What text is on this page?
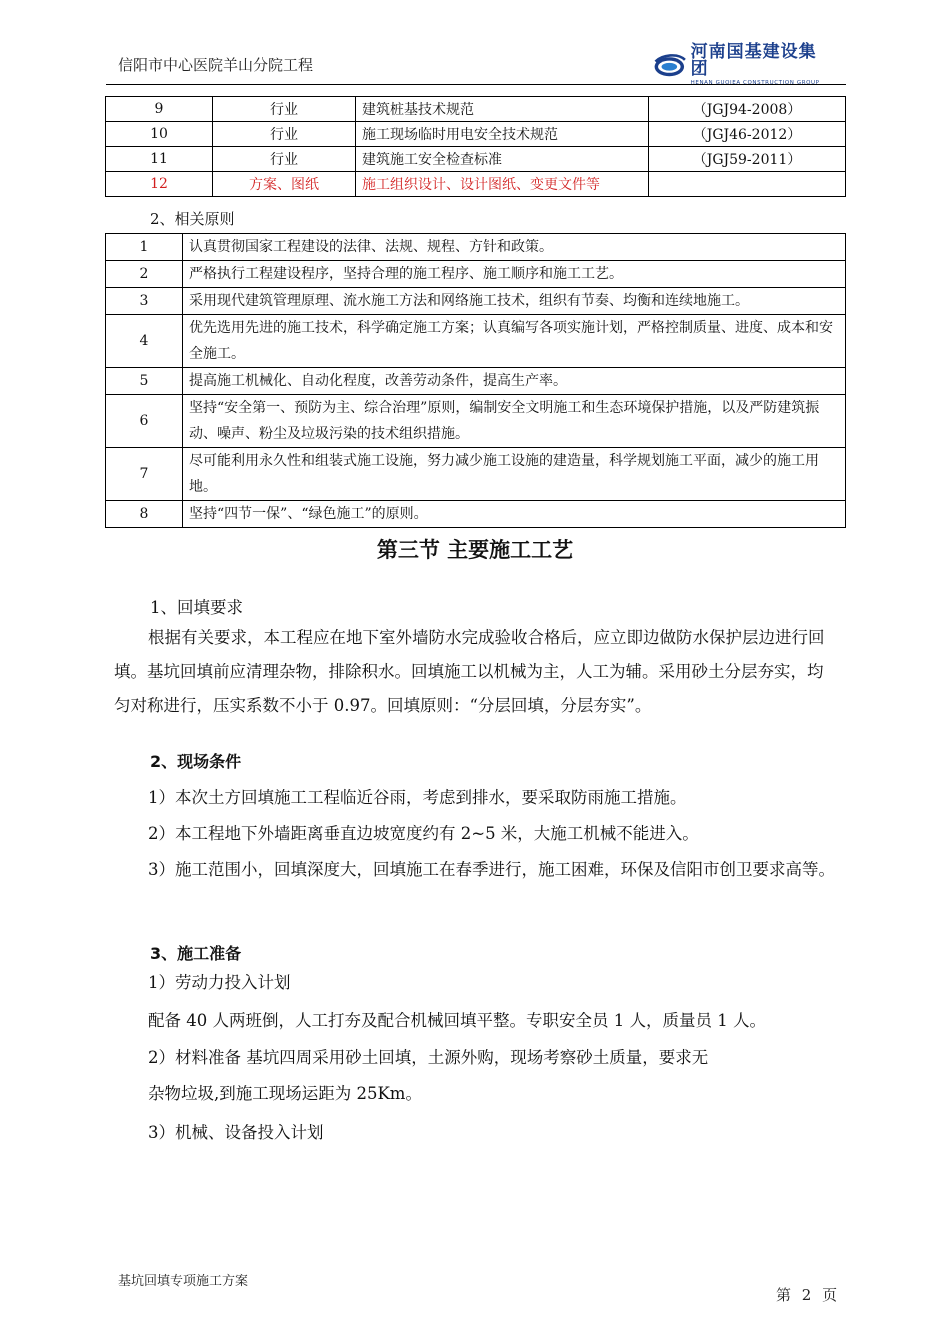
信阳市中心医院羊山分院工程
河南国基建设集团
HENAN GUOJEA CONSTRUCTION GROUP
9	行业	建筑桩基技术规范	（JGJ94-2008）
10	行业	施工现场临时用电安全技术规范	（JGJ46-2012）
11	行业	建筑施工安全检查标准	（JGJ59-2011）
12	方案、图纸	施工组织设计、设计图纸、变更文件等	
2、相关原则
1	认真贯彻国家工程建设的法律、法规、规程、方针和政策。
2	严格执行工程建设程序，坚持合理的施工程序、施工顺序和施工工艺。
3	采用现代建筑管理原理、流水施工方法和网络施工技术，组织有节奏、均衡和连续地施工。
4	优先选用先进的施工技术，科学确定施工方案；认真编写各项实施计划，严格控制质量、进度、成本和安全施工。
5	提高施工机械化、自动化程度，改善劳动条件，提高生产率。
6	坚持“安全第一、预防为主、综合治理”原则，编制安全文明施工和生态环境保护措施，以及严防建筑振动、噪声、粉尘及垃圾污染的技术组织措施。
7	尽可能利用永久性和组装式施工设施，努力减少施工设施的建造量，科学规划施工平面，减少的施工用地。
8	坚持“四节一保”、“绿色施工”的原则。
第三节 主要施工工艺
1、回填要求
根据有关要求，本工程应在地下室外墙防水完成验收合格后，应立即边做防水保护层边进行回填。基坑回填前应清理杂物，排除积水。回填施工以机械为主，人工为辅。采用砂土分层夯实，均匀对称进行，压实系数不小于 0.97。回填原则：“分层回填，分层夯实”。
2、现场条件
1）本次土方回填施工工程临近谷雨，考虑到排水，要采取防雨施工措施。
2）本工程地下外墙距离垂直边坡宽度约有 2~5 米，大施工机械不能进入。
3）施工范围小，回填深度大，回填施工在春季进行，施工困难，环保及信阳市创卫要求高等。
3、施工准备
1）劳动力投入计划
配备 40 人两班倒，人工打夯及配合机械回填平整。专职安全员 1 人，质量员 1 人。
2）材料准备 基坑四周采用砂土回填，土源外购，现场考察砂土质量，要求无
杂物垃圾,到施工现场运距为 25Km。
3）机械、设备投入计划
基坑回填专项施工方案
第 2 页
